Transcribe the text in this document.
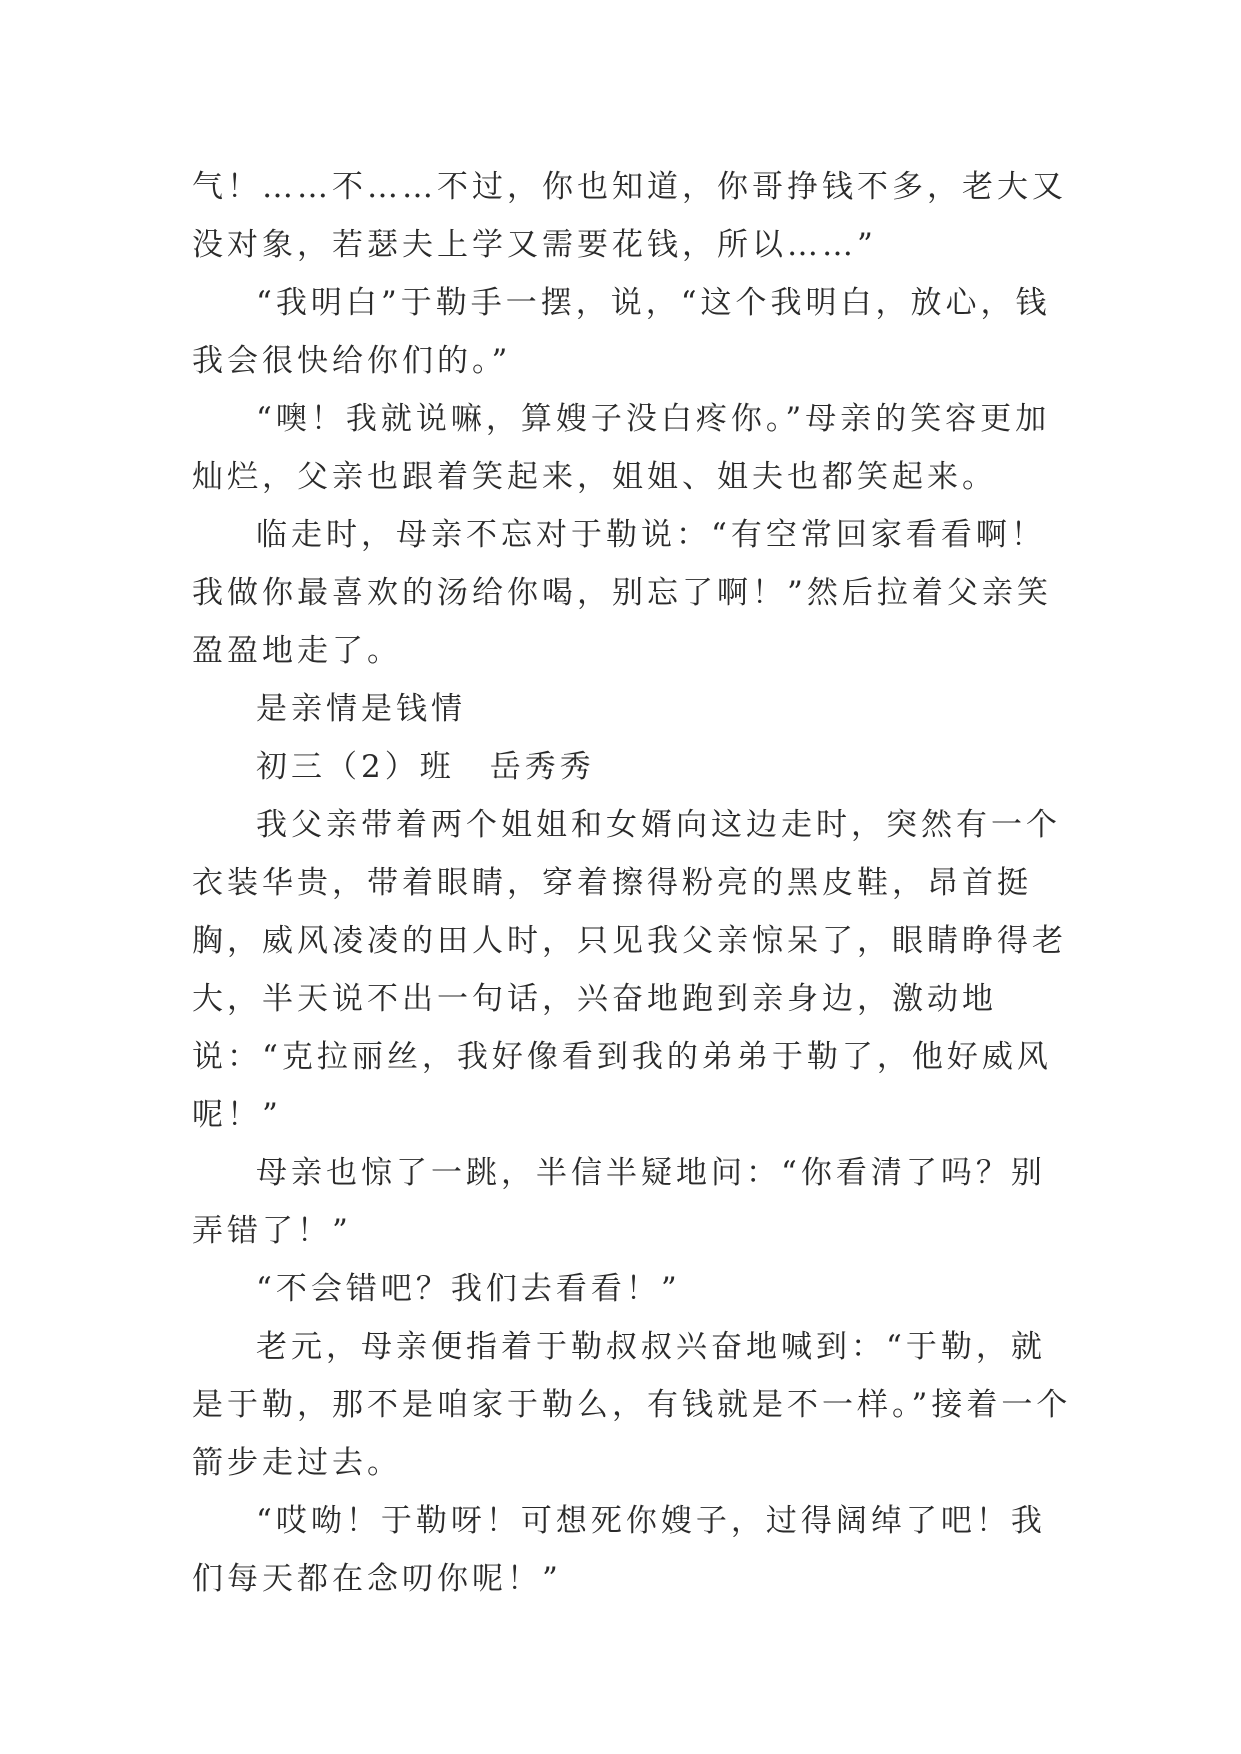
气！……不……不过，你也知道，你哥挣钱不多，老大又没对象，若瑟夫上学又需要花钱，所以……”

“我明白”于勒手一摆，说，“这个我明白，放心，钱我会很快给你们的。”

“噢！我就说嘛，算嫂子没白疼你。”母亲的笑容更加灿烂，父亲也跟着笑起来，姐姐、姐夫也都笑起来。

临走时，母亲不忘对于勒说：“有空常回家看看啊！我做你最喜欢的汤给你喝，别忘了啊！”然后拉着父亲笑盈盈地走了。

是亲情是钱情

初三（2）班　岳秀秀

我父亲带着两个姐姐和女婿向这边走时，突然有一个衣装华贵，带着眼睛，穿着擦得粉亮的黑皮鞋，昂首挺胸，威风凌凌的田人时，只见我父亲惊呆了，眼睛睁得老大，半天说不出一句话，兴奋地跑到亲身边，激动地说：“克拉丽丝，我好像看到我的弟弟于勒了，他好威风呢！”

母亲也惊了一跳，半信半疑地问：“你看清了吗？别弄错了！”

“不会错吧？我们去看看！”

老元，母亲便指着于勒叔叔兴奋地喊到：“于勒，就是于勒，那不是咱家于勒么，有钱就是不一样。”接着一个箭步走过去。

“哎呦！于勒呀！可想死你嫂子，过得阔绰了吧！我们每天都在念叨你呢！”
